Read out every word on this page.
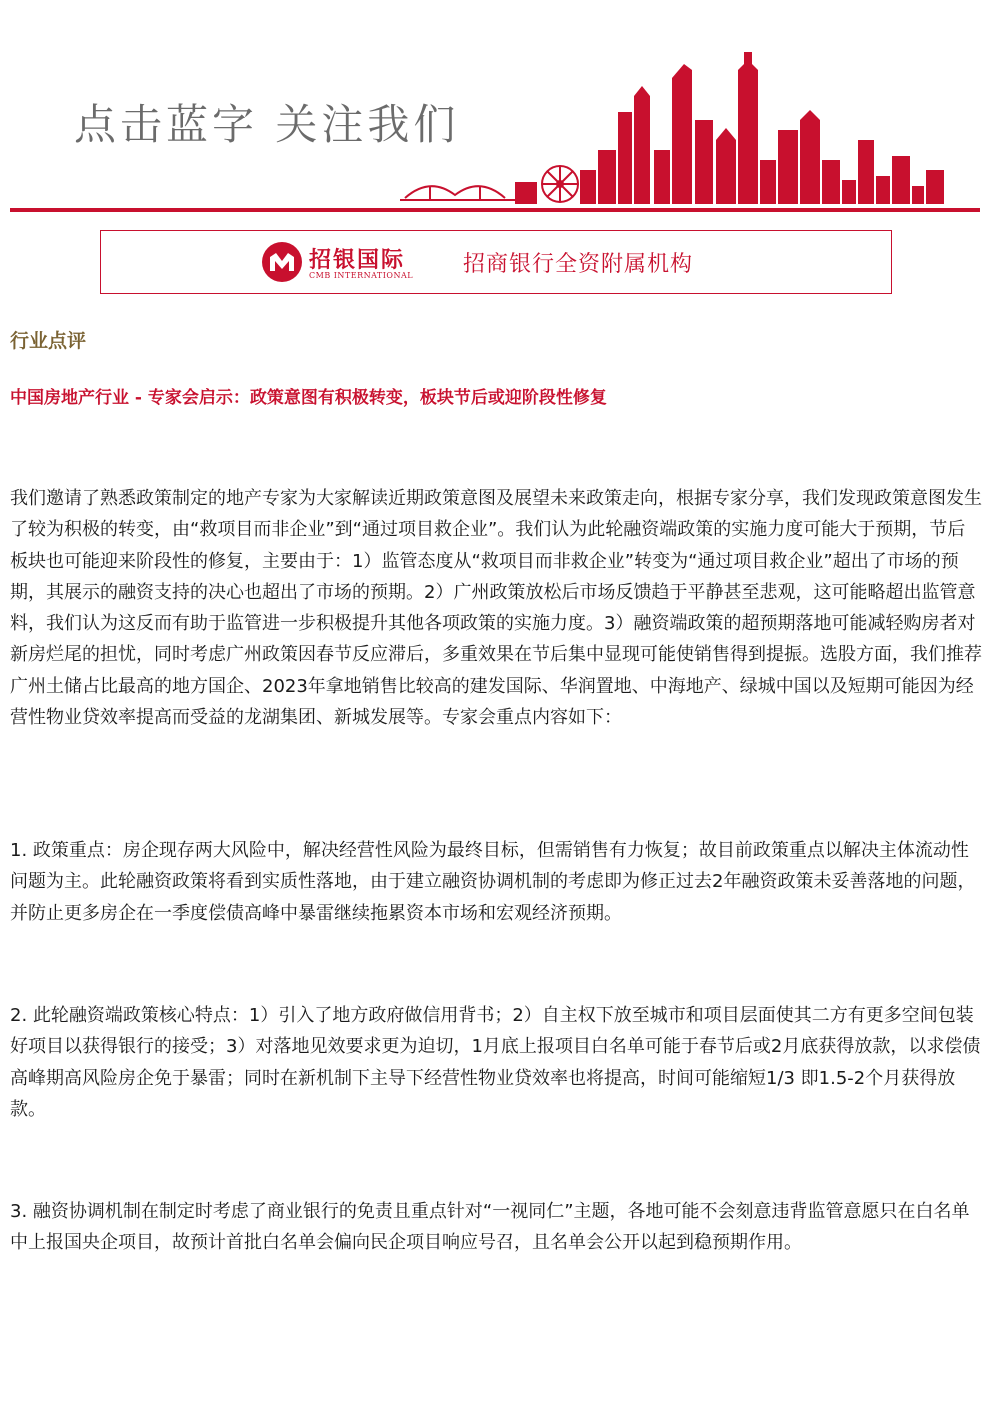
点击蓝字 关注我们
招银国际
CMB INTERNATIONAL 招商银行全资附属机构
行业点评
中国房地产行业 - 专家会启示：政策意图有积极转变，板块节后或迎阶段性修复

我们邀请了熟悉政策制定的地产专家为大家解读近期政策意图及展望未来政策走向，根据专家分享，我们发现政策意图发生了较为积极的转变，由“救项目而非企业”到“通过项目救企业”。我们认为此轮融资端政策的实施力度可能大于预期，节后板块也可能迎来阶段性的修复，主要由于：1）监管态度从“救项目而非救企业”转变为“通过项目救企业”超出了市场的预期，其展示的融资支持的决心也超出了市场的预期。2）广州政策放松后市场反馈趋于平静甚至悲观，这可能略超出监管意料，我们认为这反而有助于监管进一步积极提升其他各项政策的实施力度。3）融资端政策的超预期落地可能减轻购房者对新房烂尾的担忧，同时考虑广州政策因春节反应滞后，多重效果在节后集中显现可能使销售得到提振。选股方面，我们推荐广州土储占比最高的地方国企、2023年拿地销售比较高的建发国际、华润置地、中海地产、绿城中国以及短期可能因为经营性物业贷效率提高而受益的龙湖集团、新城发展等。专家会重点内容如下：

1. 政策重点：房企现存两大风险中，解决经营性风险为最终目标，但需销售有力恢复；故目前政策重点以解决主体流动性问题为主。此轮融资政策将看到实质性落地，由于建立融资协调机制的考虑即为修正过去2年融资政策未妥善落地的问题，并防止更多房企在一季度偿债高峰中暴雷继续拖累资本市场和宏观经济预期。

2. 此轮融资端政策核心特点：1）引入了地方政府做信用背书；2）自主权下放至城市和项目层面使其二方有更多空间包装好项目以获得银行的接受；3）对落地见效要求更为迫切，1月底上报项目白名单可能于春节后或2月底获得放款，以求偿债高峰期高风险房企免于暴雷；同时在新机制下主导下经营性物业贷效率也将提高，时间可能缩短1/3 即1.5-2个月获得放款。

3. 融资协调机制在制定时考虑了商业银行的免责且重点针对“一视同仁”主题，各地可能不会刻意违背监管意愿只在白名单中上报国央企项目，故预计首批白名单会偏向民企项目响应号召，且名单会公开以起到稳预期作用。
